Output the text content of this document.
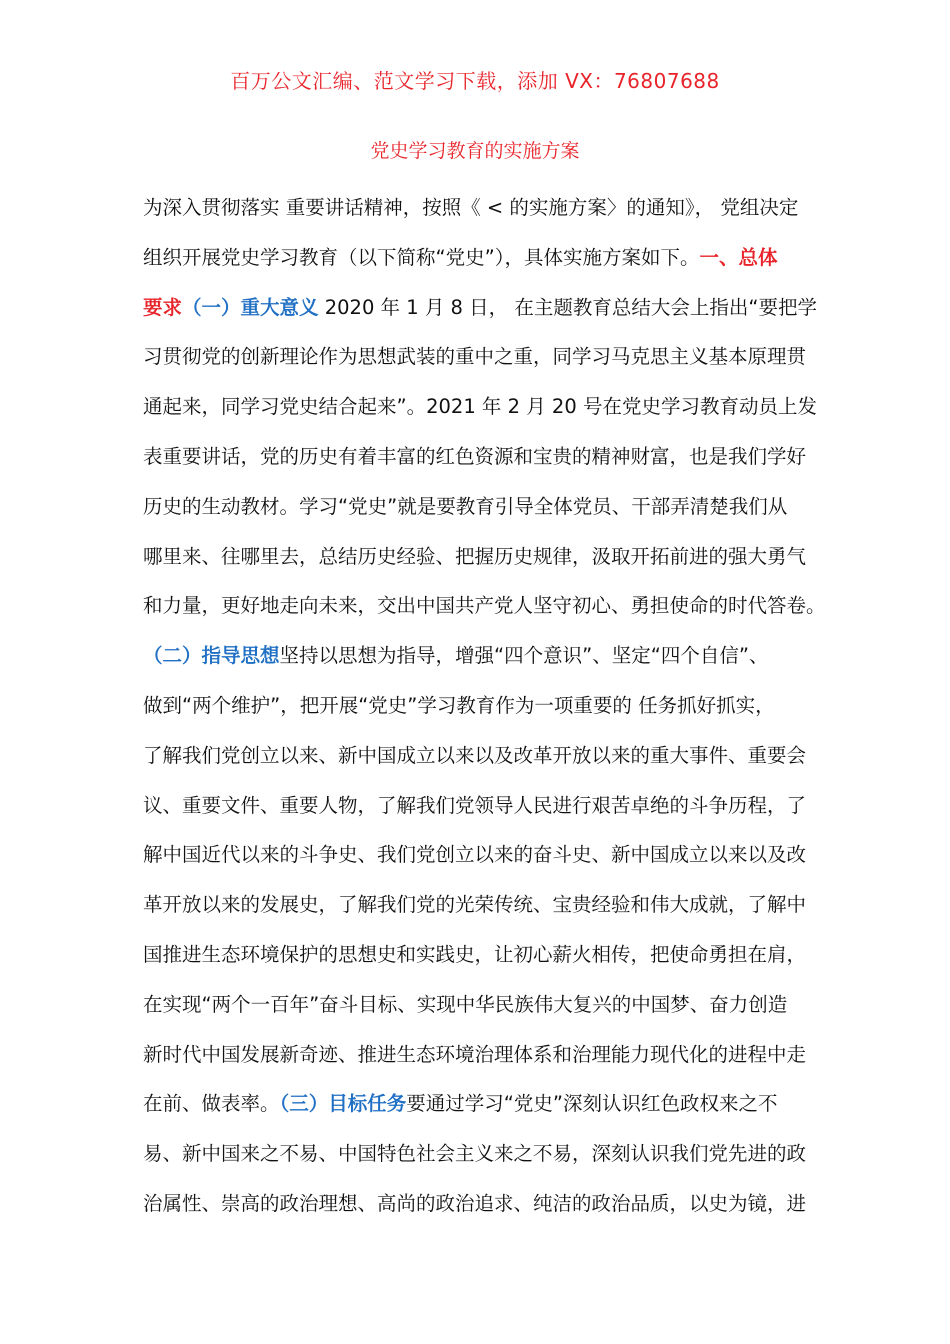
百万公文汇编、范文学习下载，添加 VX：76807688
党史学习教育的实施方案
为深入贯彻落实 重要讲话精神，按照《 < 的实施方案〉的通知》， 党组决定
组织开展党史学习教育（以下简称“党史”），具体实施方案如下。一、总体
要求（一）重大意义 2020 年 1 月 8 日， 在主题教育总结大会上指出“要把学
习贯彻党的创新理论作为思想武装的重中之重，同学习马克思主义基本原理贯
通起来，同学习党史结合起来”。2021 年 2 月 20 号在党史学习教育动员上发
表重要讲话，党的历史有着丰富的红色资源和宝贵的精神财富，也是我们学好
历史的生动教材。学习“党史”就是要教育引导全体党员、干部弄清楚我们从
哪里来、往哪里去，总结历史经验、把握历史规律，汲取开拓前进的强大勇气
和力量，更好地走向未来，交出中国共产党人坚守初心、勇担使命的时代答卷。
（二）指导思想坚持以思想为指导，增强“四个意识”、坚定“四个自信”、
做到“两个维护”，把开展“党史”学习教育作为一项重要的 任务抓好抓实，
了解我们党创立以来、新中国成立以来以及改革开放以来的重大事件、重要会
议、重要文件、重要人物，了解我们党领导人民进行艰苦卓绝的斗争历程，了
解中国近代以来的斗争史、我们党创立以来的奋斗史、新中国成立以来以及改
革开放以来的发展史，了解我们党的光荣传统、宝贵经验和伟大成就，了解中
国推进生态环境保护的思想史和实践史，让初心薪火相传，把使命勇担在肩，
在实现“两个一百年”奋斗目标、实现中华民族伟大复兴的中国梦、奋力创造
新时代中国发展新奇迹、推进生态环境治理体系和治理能力现代化的进程中走
在前、做表率。（三）目标任务要通过学习“党史”深刻认识红色政权来之不
易、新中国来之不易、中国特色社会主义来之不易，深刻认识我们党先进的政
治属性、崇高的政治理想、高尚的政治追求、纯洁的政治品质，以史为镜，进
